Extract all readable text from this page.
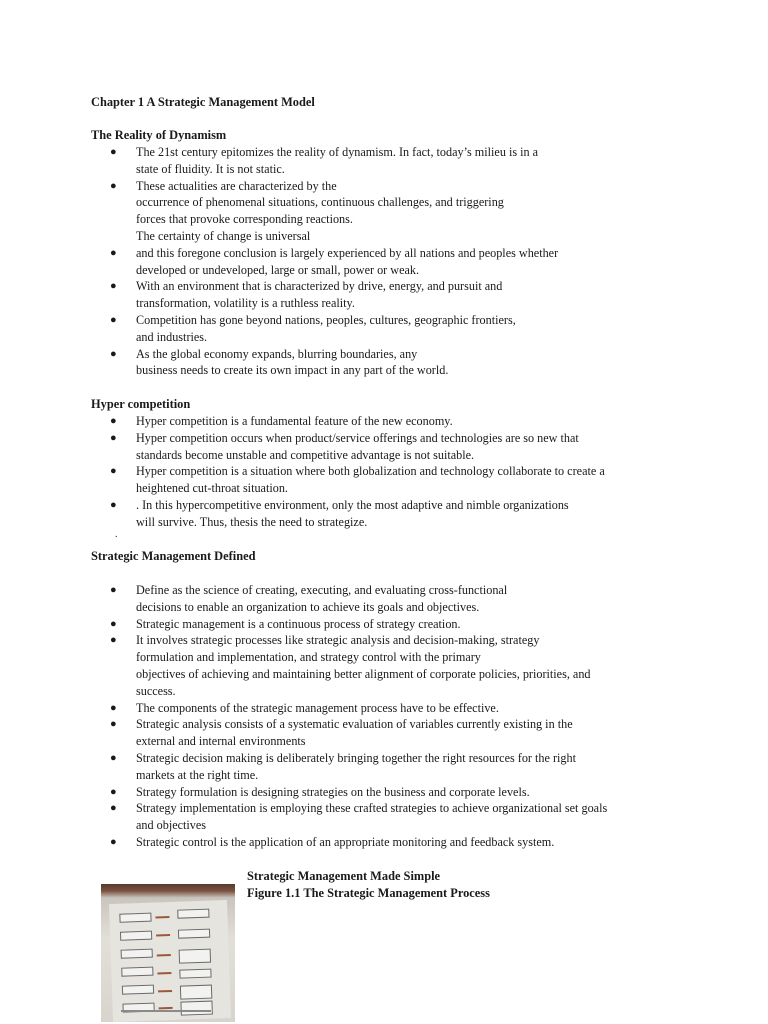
Chapter 1 A Strategic Management Model
The Reality of Dynamism
●	The 21st century epitomizes the reality of dynamism. In fact, today’s milieu is in a
state of fluidity. It is not static.
●	These actualities are characterized by the
occurrence of phenomenal situations, continuous challenges, and triggering
forces that provoke corresponding reactions.
The certainty of change is universal
●	and this foregone conclusion is largely experienced by all nations and peoples whether
developed or undeveloped, large or small, power or weak.
●	With an environment that is characterized by drive, energy, and pursuit and
transformation, volatility is a ruthless reality.
●	Competition has gone beyond nations, peoples, cultures, geographic frontiers,
and industries.
●	As the global economy expands, blurring boundaries, any
business needs to create its own impact in any part of the world.
Hyper competition
●	Hyper competition is a fundamental feature of the new economy.
●	Hyper competition occurs when product/service offerings and technologies are so new that
standards become unstable and competitive advantage is not suitable.
●	Hyper competition is a situation where both globalization and technology collaborate to create a
heightened cut-throat situation.
●	. In this hypercompetitive environment, only the most adaptive and nimble organizations
will survive. Thus, thesis the need to strategize.
.
Strategic Management Defined
●	Define as the science of creating, executing, and evaluating cross-functional
decisions to enable an organization to achieve its goals and objectives.
●	Strategic management is a continuous process of strategy creation.
●	It involves strategic processes like strategic analysis and decision-making, strategy
formulation and implementation, and strategy control with the primary
objectives of achieving and maintaining better alignment of corporate policies, priorities, and
success.
●	The components of the strategic management process have to be effective.
●	Strategic analysis consists of a systematic evaluation of variables currently existing in the
external and internal environments
●	Strategic decision making is deliberately bringing together the right resources for the right
markets at the right time.
●	Strategy formulation is designing strategies on the business and corporate levels.
●	Strategy implementation is employing these crafted strategies to achieve organizational set goals
and objectives
●	Strategic control is the application of an appropriate monitoring and feedback system.
Strategic Management Made Simple
Figure 1.1 The Strategic Management Process
